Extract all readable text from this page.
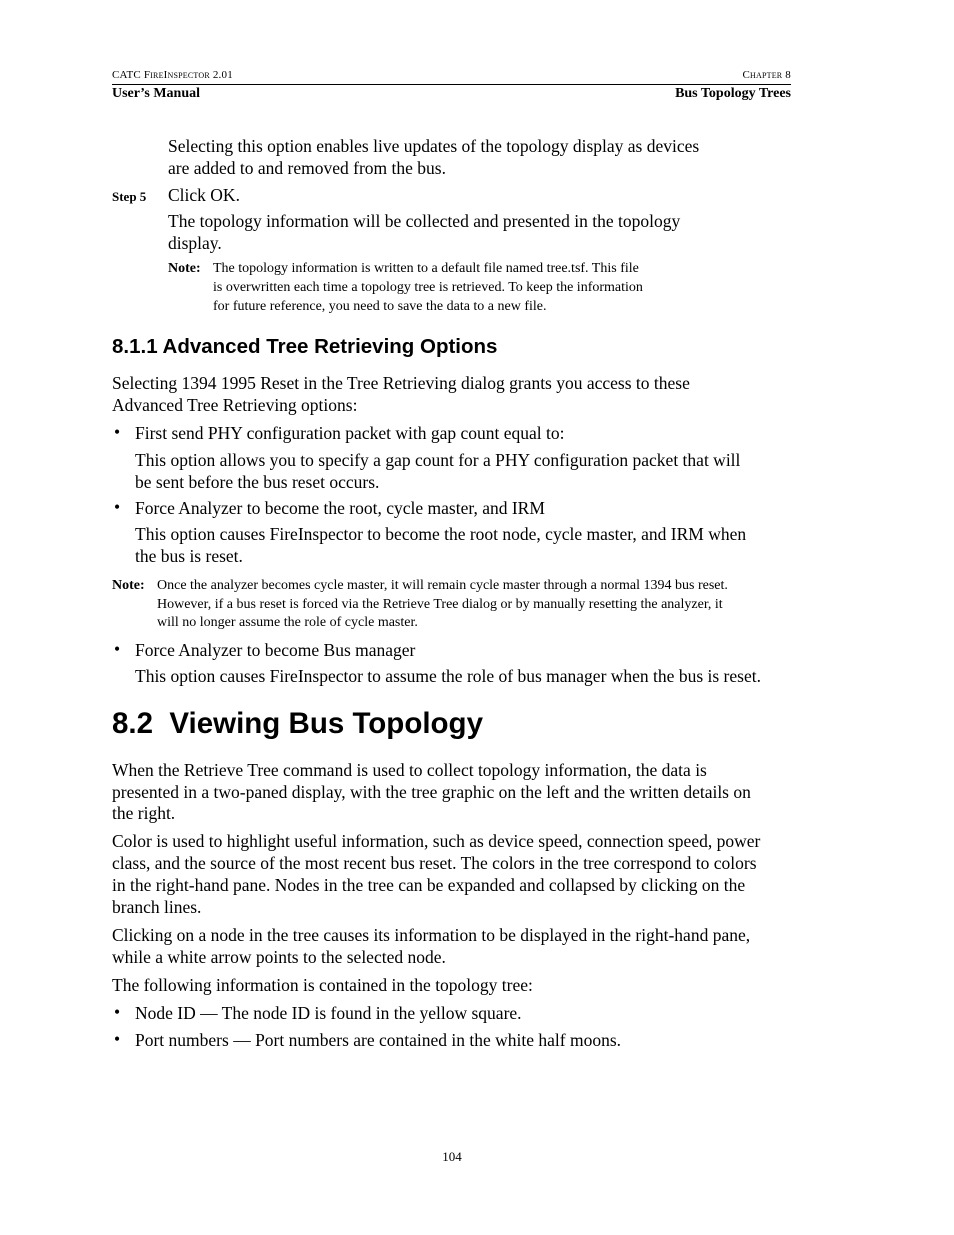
CATC FireInspector 2.01	Chapter 8
User’s Manual	Bus Topology Trees
Selecting this option enables live updates of the topology display as devices
are added to and removed from the bus.
Step 5 Click OK.
The topology information will be collected and presented in the topology
display.
Note: The topology information is written to a default file named tree.tsf. This file
is overwritten each time a topology tree is retrieved. To keep the information
for future reference, you need to save the data to a new file.
8.1.1 Advanced Tree Retrieving Options
Selecting 1394 1995 Reset in the Tree Retrieving dialog grants you access to these
Advanced Tree Retrieving options:
• First send PHY configuration packet with gap count equal to:
This option allows you to specify a gap count for a PHY configuration packet that will
be sent before the bus reset occurs.
• Force Analyzer to become the root, cycle master, and IRM
This option causes FireInspector to become the root node, cycle master, and IRM when
the bus is reset.
Note: Once the analyzer becomes cycle master, it will remain cycle master through a normal 1394 bus reset.
However, if a bus reset is forced via the Retrieve Tree dialog or by manually resetting the analyzer, it
will no longer assume the role of cycle master.
• Force Analyzer to become Bus manager
This option causes FireInspector to assume the role of bus manager when the bus is reset.
8.2  Viewing Bus Topology
When the Retrieve Tree command is used to collect topology information, the data is
presented in a two-paned display, with the tree graphic on the left and the written details on
the right.
Color is used to highlight useful information, such as device speed, connection speed, power
class, and the source of the most recent bus reset. The colors in the tree correspond to colors
in the right-hand pane. Nodes in the tree can be expanded and collapsed by clicking on the
branch lines.
Clicking on a node in the tree causes its information to be displayed in the right-hand pane,
while a white arrow points to the selected node.
The following information is contained in the topology tree:
• Node ID — The node ID is found in the yellow square.
• Port numbers — Port numbers are contained in the white half moons.
104
